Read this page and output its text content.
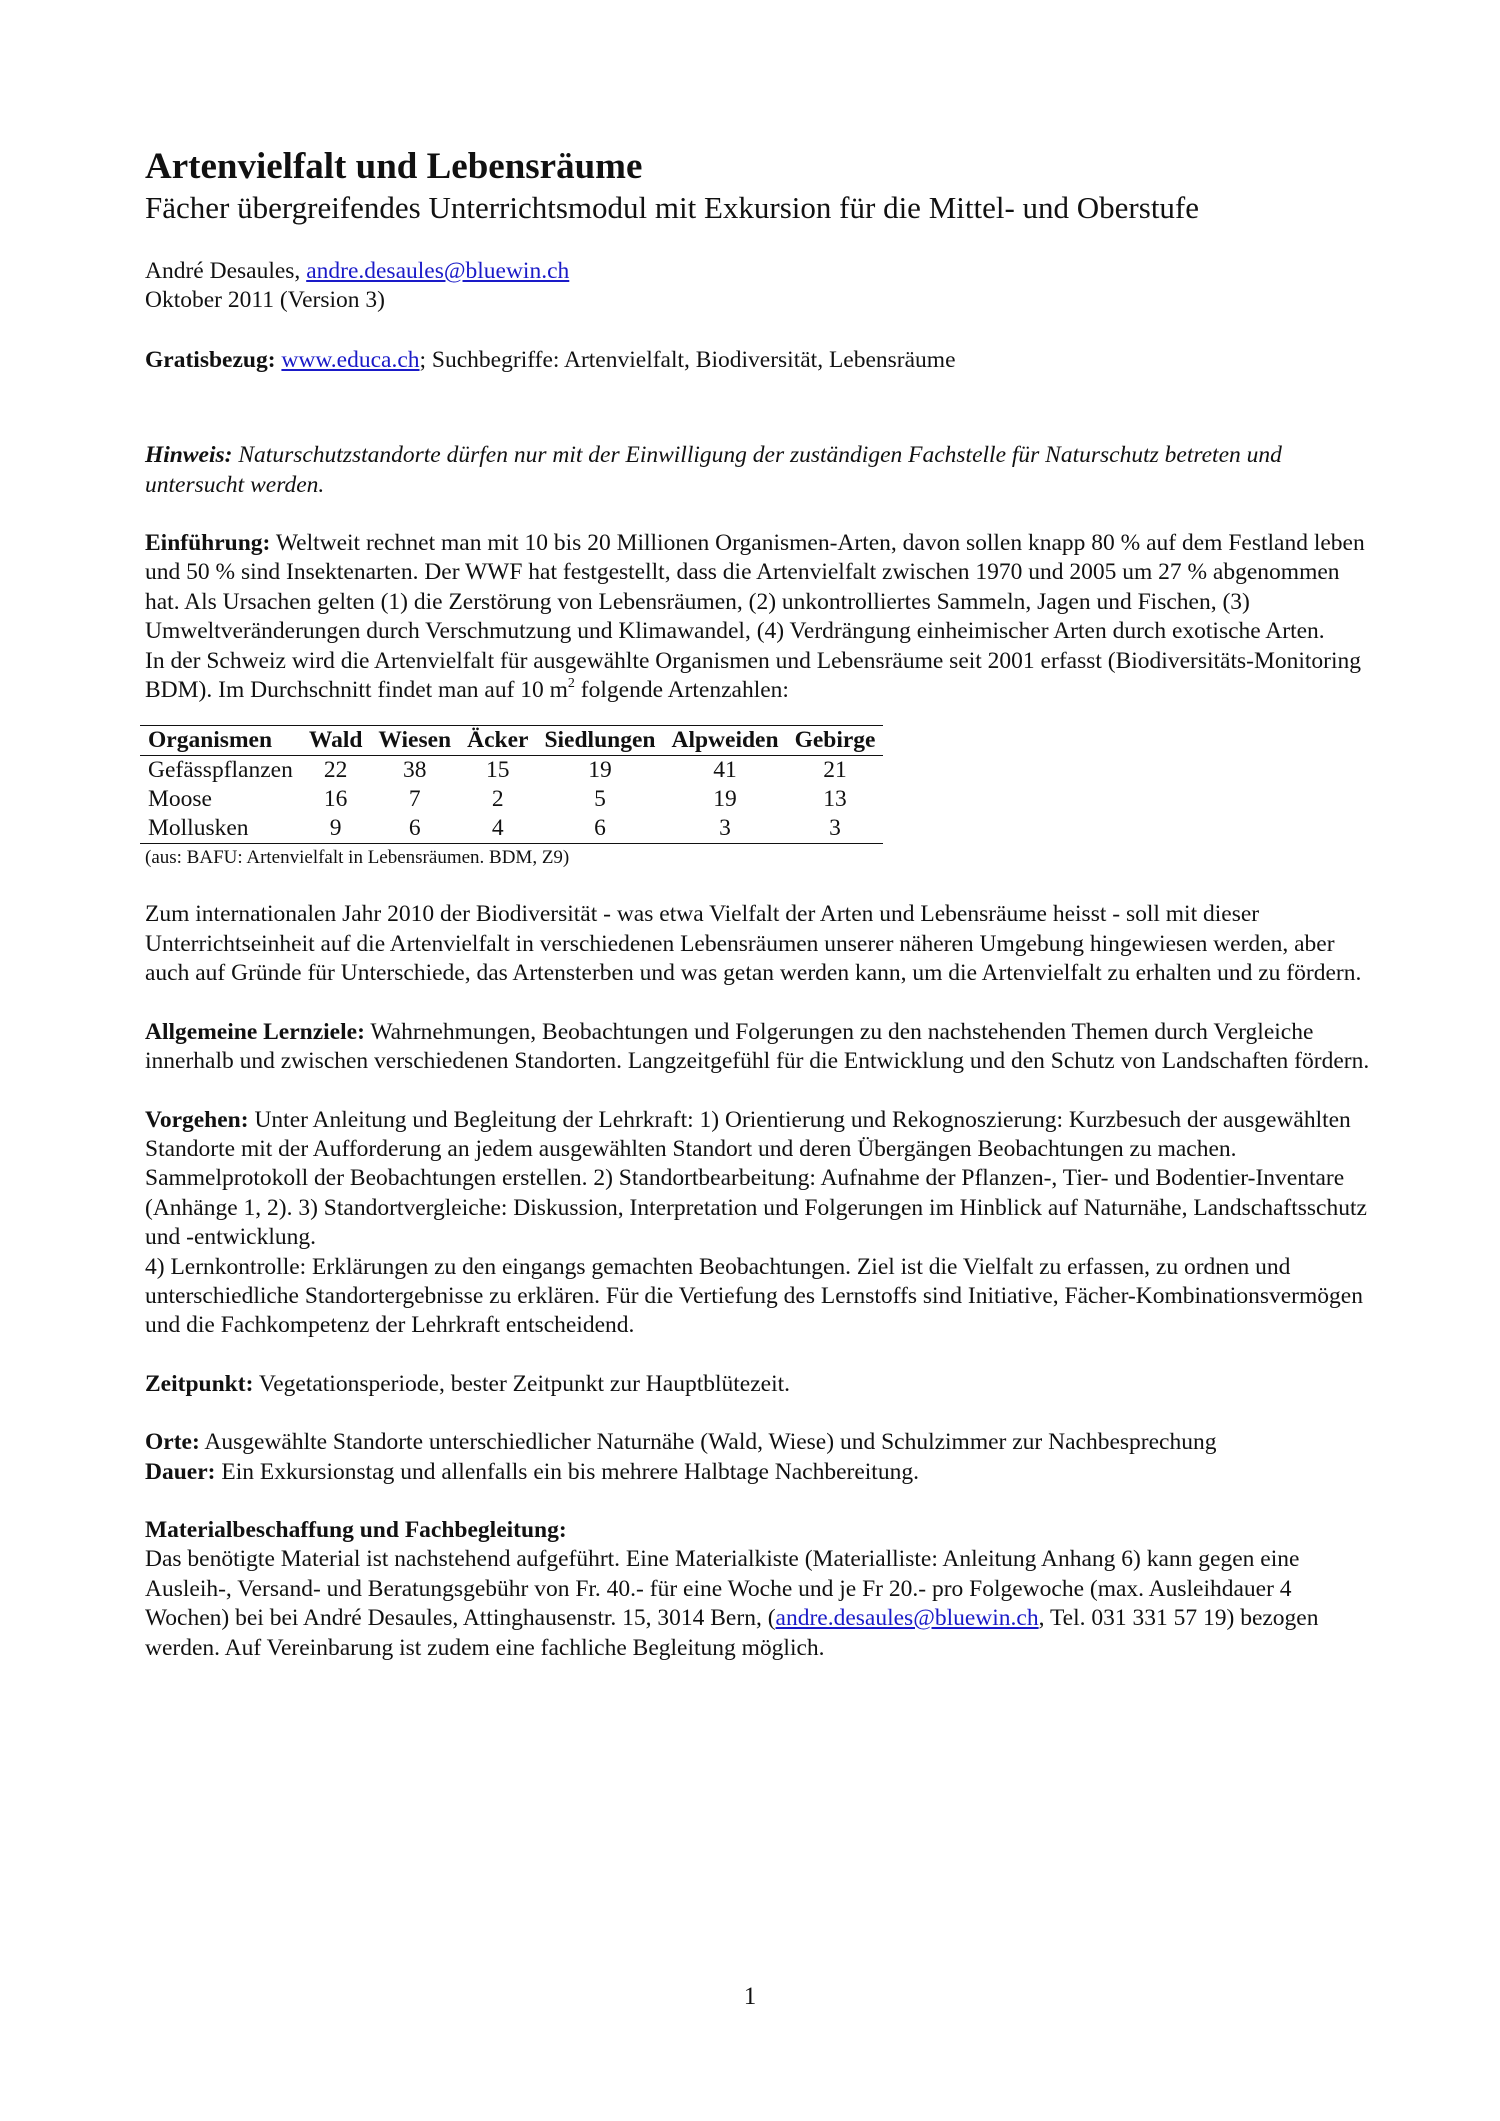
Artenvielfalt und Lebensräume

Fächer übergreifendes Unterrichtsmodul mit Exkursion für die Mittel- und Oberstufe

André Desaules, andre.desaules@bluewin.ch

Oktober 2011 (Version 3)

Gratisbezug: www.educa.ch; Suchbegriffe: Artenvielfalt, Biodiversität, Lebensräume

Hinweis: Naturschutzstandorte dürfen nur mit der Einwilligung der zuständigen Fachstelle für Naturschutz betreten und untersucht werden.

Einführung: Weltweit rechnet man mit 10 bis 20 Millionen Organismen-Arten, davon sollen knapp 80 % auf dem Festland leben und 50 % sind Insektenarten. Der WWF hat festgestellt, dass die Artenvielfalt zwischen 1970 und 2005 um 27 % abgenommen hat. Als Ursachen gelten (1) die Zerstörung von Lebensräumen, (2) unkontrolliertes Sammeln, Jagen und Fischen, (3) Umweltveränderungen durch Verschmutzung und Klimawandel, (4) Verdrängung einheimischer Arten durch exotische Arten.

In der Schweiz wird die Artenvielfalt für ausgewählte Organismen und Lebensräume seit 2001 erfasst (Biodiversitäts-Monitoring BDM). Im Durchschnitt findet man auf 10 $m^2$ folgende Artenzahlen:

Organismen	Wald	Wiesen	Äcker	Siedlungen	Alpweiden	Gebirge
Gefässpflanzen	22	38	15	19	41	21
Moose	16	7	2	5	19	13
Mollusken	9	6	4	6	3	3
(aus: BAFU: Artenvielfalt in Lebensräumen. BDM, Z9)

Zum internationalen Jahr 2010 der Biodiversität - was etwa Vielfalt der Arten und Lebensräume heisst - soll mit dieser Unterrichtseinheit auf die Artenvielfalt in verschiedenen Lebensräumen unserer näheren Umgebung hingewiesen werden, aber auch auf Gründe für Unterschiede, das Artensterben und was getan werden kann, um die Artenvielfalt zu erhalten und zu fördern.

Allgemeine Lernziele: Wahrnehmungen, Beobachtungen und Folgerungen zu den nachstehenden Themen durch Vergleiche innerhalb und zwischen verschiedenen Standorten. Langzeitgefühl für die Entwicklung und den Schutz von Landschaften fördern.

Vorgehen: Unter Anleitung und Begleitung der Lehrkraft: 1) Orientierung und Rekognoszierung: Kurzbesuch der ausgewählten Standorte mit der Aufforderung an jedem ausgewählten Standort und deren Übergängen Beobachtungen zu machen. Sammelprotokoll der Beobachtungen erstellen. 2) Standortbearbeitung: Aufnahme der Pflanzen-, Tier- und Bodentier-Inventare (Anhänge 1, 2). 3) Standortvergleiche: Diskussion, Interpretation und Folgerungen im Hinblick auf Naturnähe, Landschaftsschutz und -entwicklung.

4) Lernkontrolle: Erklärungen zu den eingangs gemachten Beobachtungen. Ziel ist die Vielfalt zu erfassen, zu ordnen und unterschiedliche Standortergebnisse zu erklären. Für die Vertiefung des Lernstoffs sind Initiative, Fächer-Kombinationsvermögen und die Fachkompetenz der Lehrkraft entscheidend.

Zeitpunkt: Vegetationsperiode, bester Zeitpunkt zur Hauptblütezeit.

Orte: Ausgewählte Standorte unterschiedlicher Naturnähe (Wald, Wiese) und Schulzimmer zur Nachbesprechung

Dauer: Ein Exkursionstag und allenfalls ein bis mehrere Halbtage Nachbereitung.

Materialbeschaffung und Fachbegleitung:

Das benötigte Material ist nachstehend aufgeführt. Eine Materialkiste (Materialliste: Anleitung Anhang 6) kann gegen eine Ausleih-, Versand- und Beratungsgebühr von Fr. 40.- für eine Woche und je Fr 20.- pro Folgewoche (max. Ausleihdauer 4 Wochen) bei bei André Desaules, Attinghausenstr. 15, 3014 Bern, (andre.desaules@bluewin.ch, Tel. 031 331 57 19) bezogen werden. Auf Vereinbarung ist zudem eine fachliche Begleitung möglich.

1
